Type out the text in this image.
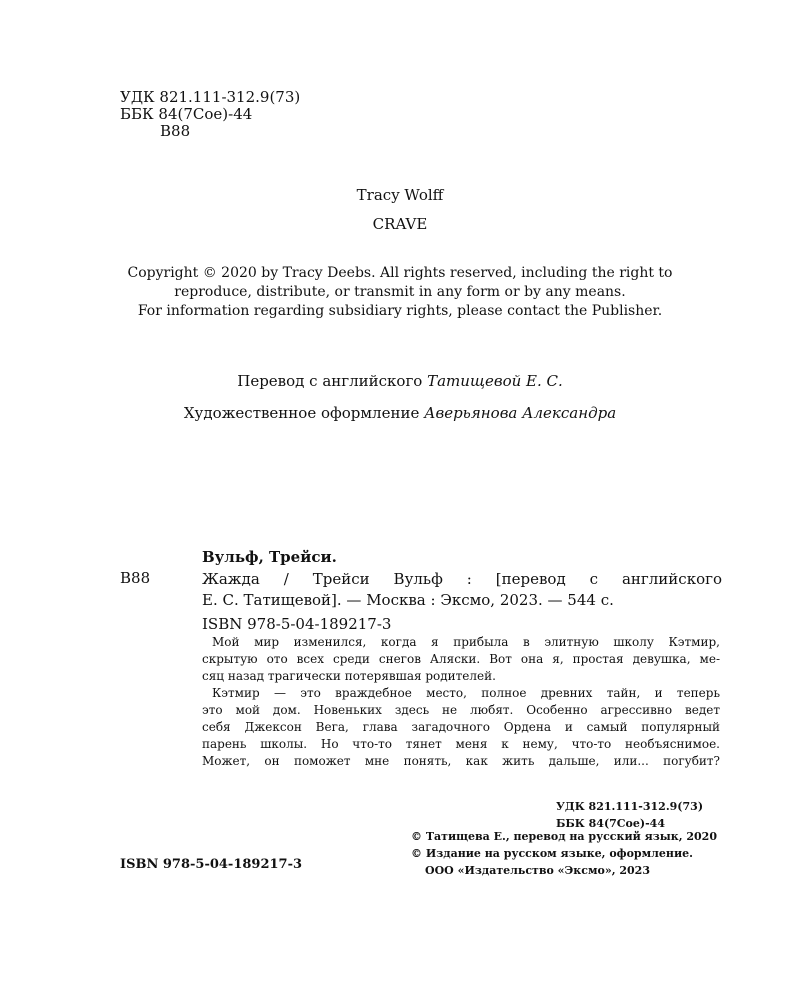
УДК 821.111-312.9(73)
ББК 84(7Сое)-44
В88
Tracy Wolff
CRAVE
Copyright © 2020 by Tracy Deebs. All rights reserved, including the right to
reproduce, distribute, or transmit in any form or by any means.
For information regarding subsidiary rights, please contact the Publisher.
Перевод с английского Татищевой Е. С.
Художественное оформление Аверьянова Александра
Вульф, Трейси.
В88	Жажда / Трейси Вульф : [перевод с английского
Е. С. Татищевой]. — Москва : Эксмо, 2023. — 544 с.
ISBN 978-5-04-189217-3
Мой мир изменился, когда я прибыла в элитную школу Кэтмир,
скрытую ото всех среди снегов Аляски. Вот она я, простая девушка, ме-
сяц назад трагически потерявшая родителей.
Кэтмир — это враждебное место, полное древних тайн, и теперь
это мой дом. Новеньких здесь не любят. Особенно агрессивно ведет
себя Джексон Вега, глава загадочного Ордена и самый популярный
парень школы. Но что-то тянет меня к нему, что-то необъяснимое.
Может, он поможет мне понять, как жить дальше, или... погубит?
УДК 821.111-312.9(73)
ББК 84(7Сое)-44
© Татищева Е., перевод на русский язык, 2020
© Издание на русском языке, оформление.
ООО «Издательство «Эксмо», 2023
ISBN 978-5-04-189217-3
